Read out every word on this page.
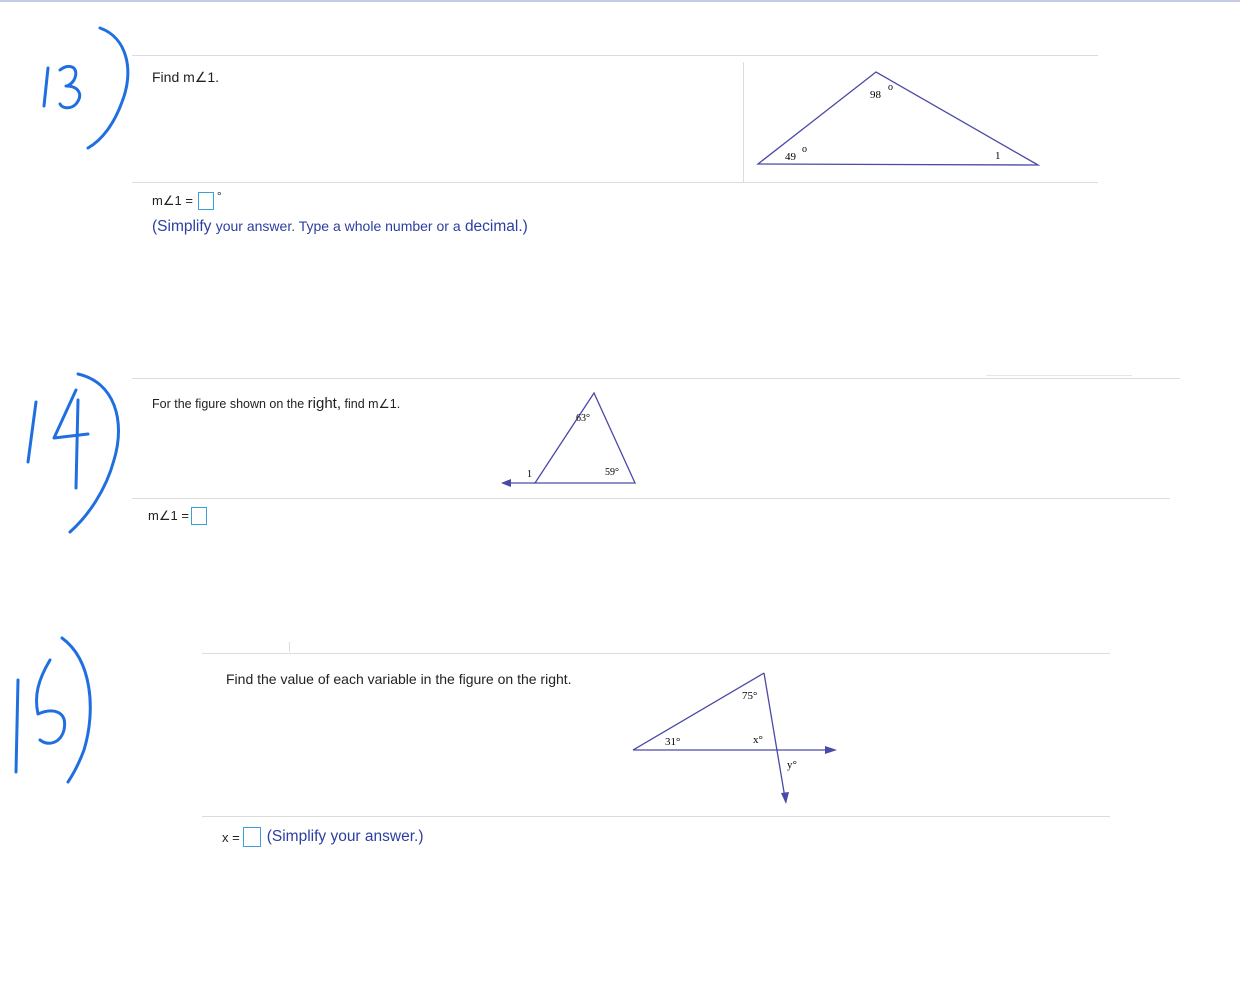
Find m∠1.
98
o
49
o
1
m∠1 = °
(Simplify your answer. Type a whole number or a decimal.)
For the figure shown on the right, find m∠1.
63°
59°
1
m∠1 =
Find the value of each variable in the figure on the right.
75°
31°	x°
y°
x = (Simplify your answer.)
